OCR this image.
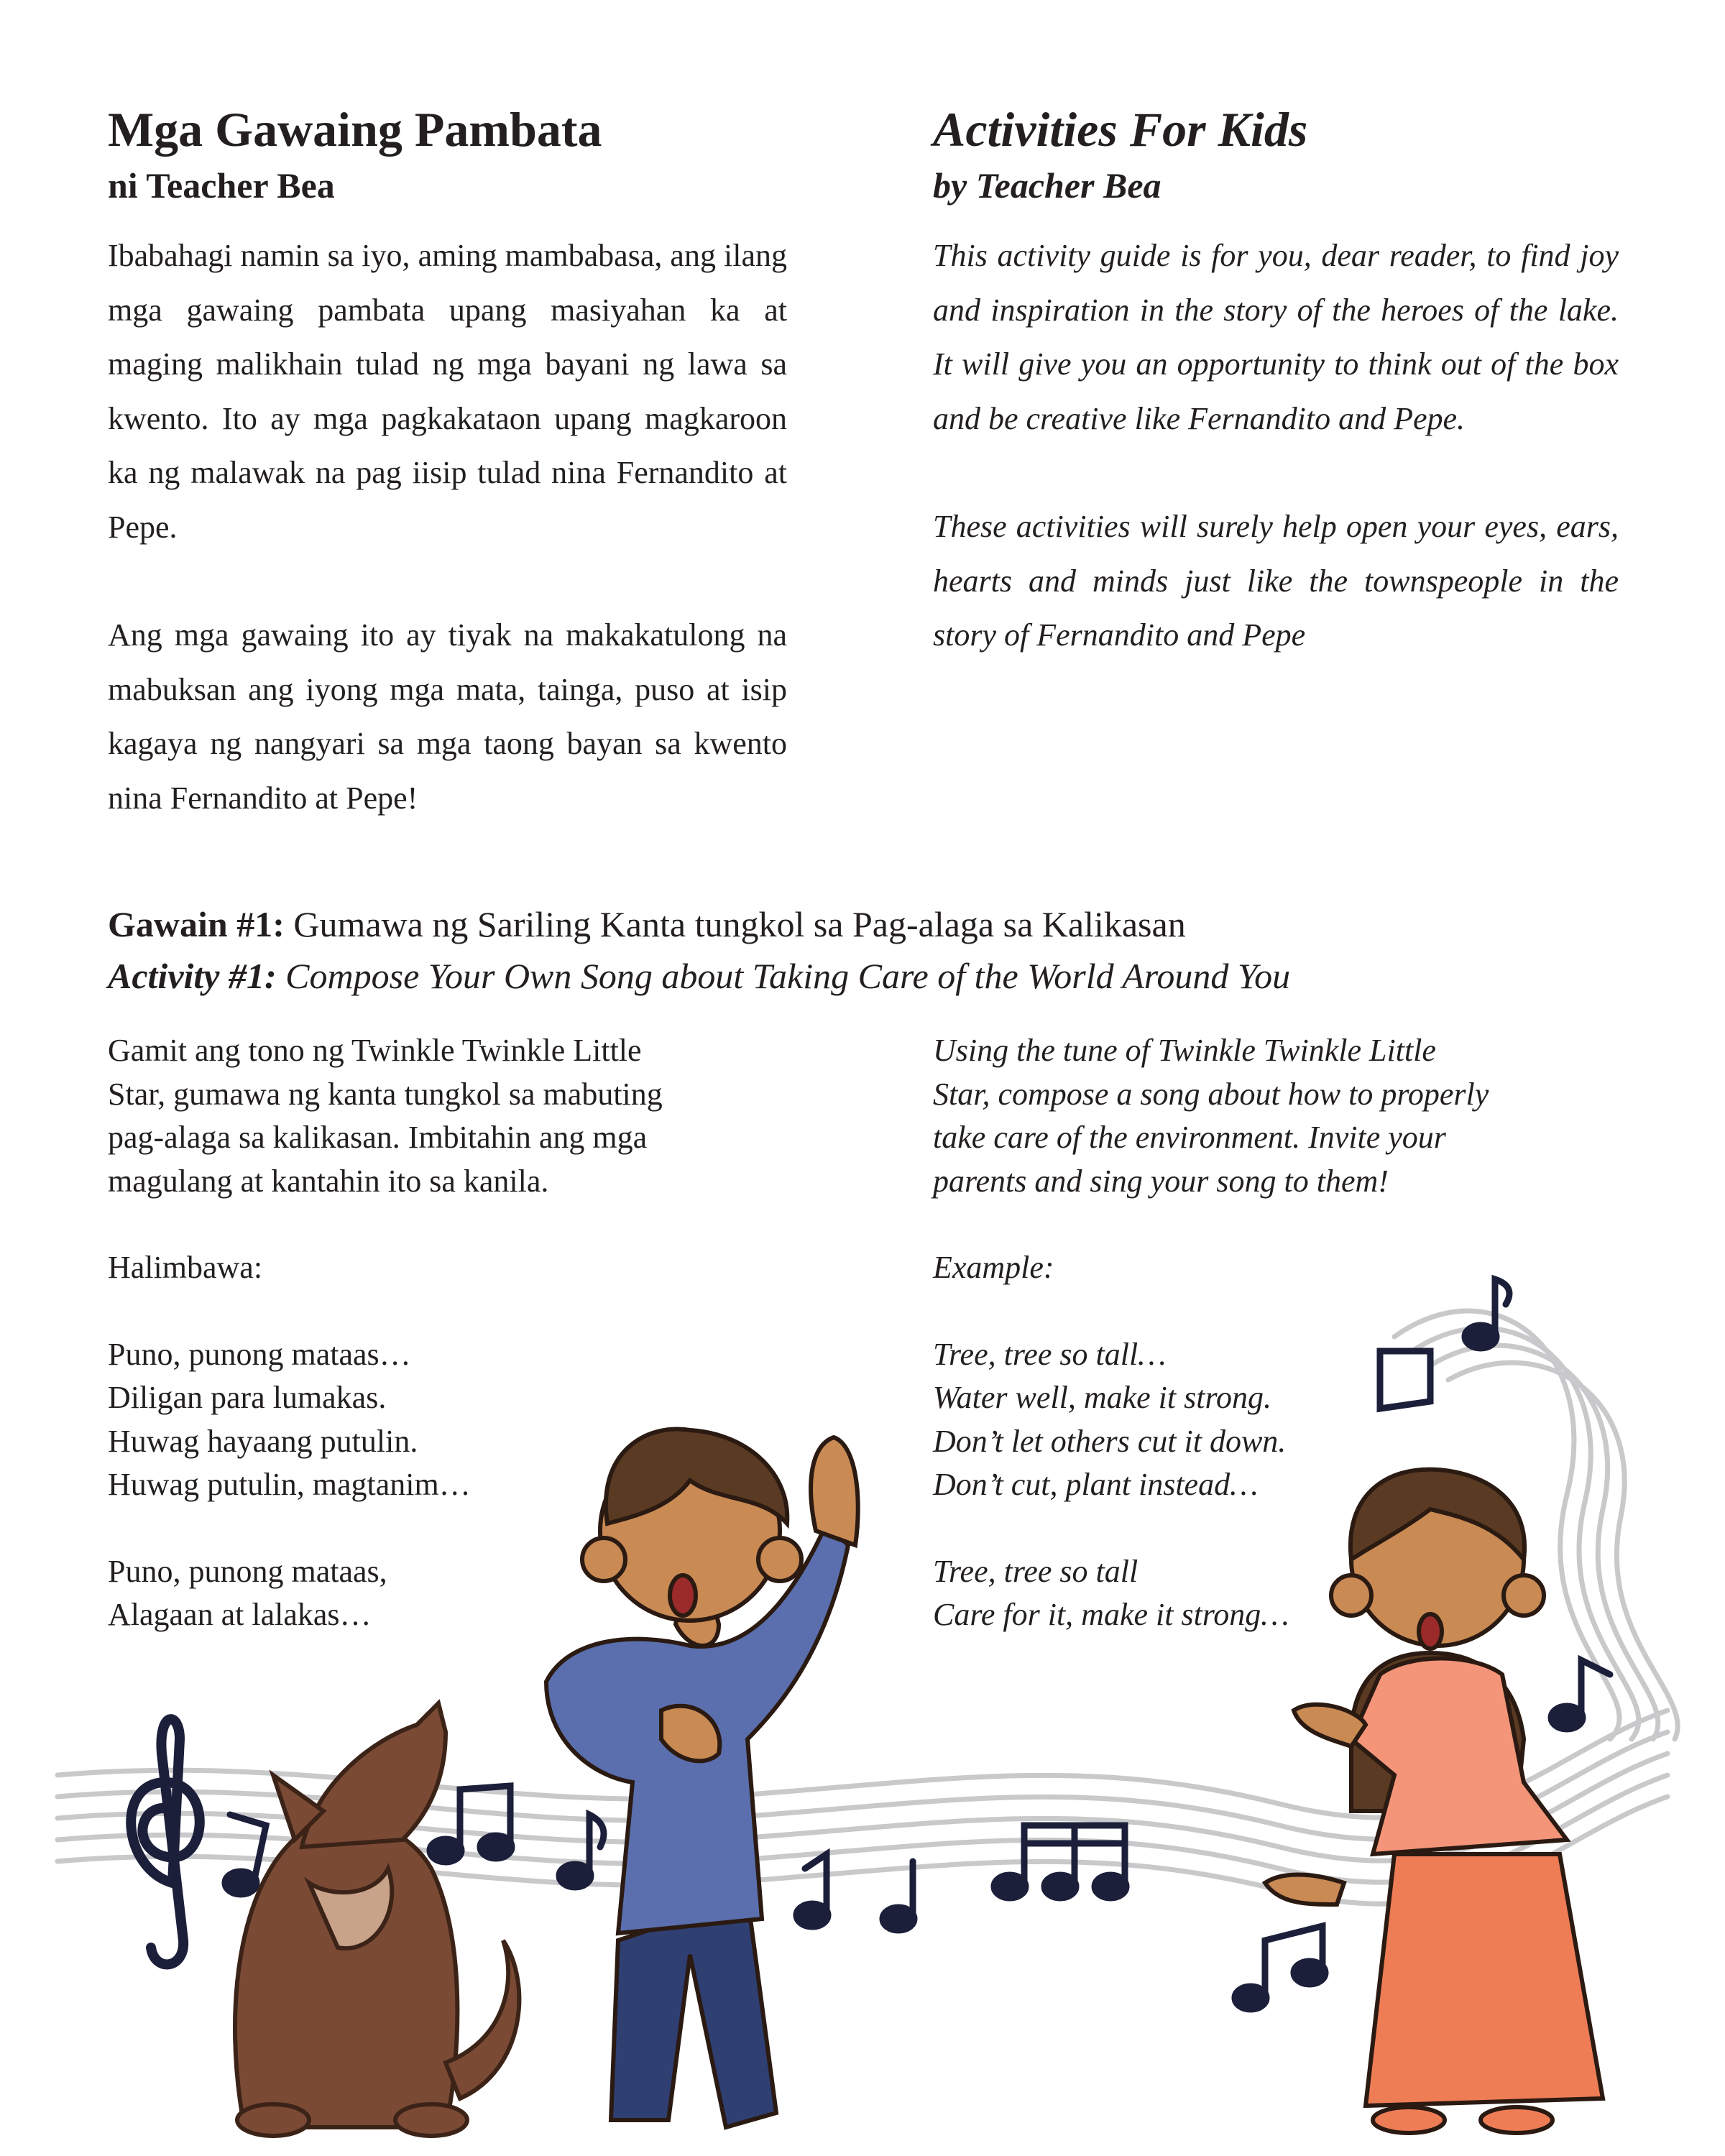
Mga Gawaing Pambata
ni Teacher Bea

Ibabahagi namin sa iyo, aming mambabasa, ang ilang mga gawaing pambata upang masiyahan ka at maging malikhain tulad ng mga bayani ng lawa sa kwento. Ito ay mga pagkakataon upang magkaroon ka ng malawak na pag iisip tulad nina Fernandito at Pepe.

Ang mga gawaing ito ay tiyak na makakatulong na mabuksan ang iyong mga mata, tainga, puso at isip kagaya ng nangyari sa mga taong bayan sa kwento nina Fernandito at Pepe!

Activities For Kids
by Teacher Bea

This activity guide is for you, dear reader, to find joy and inspiration in the story of the heroes of the lake. It will give you an opportunity to think out of the box and be creative like Fernandito and Pepe.

These activities will surely help open your eyes, ears, hearts and minds just like the townspeople in the story of Fernandito and Pepe

Gawain #1: Gumawa ng Sariling Kanta tungkol sa Pag-alaga sa Kalikasan
Activity #1: Compose Your Own Song about Taking Care of the World Around You
Gamit ang tono ng Twinkle Twinkle Little
Star, gumawa ng kanta tungkol sa mabuting
pag-alaga sa kalikasan. Imbitahin ang mga
magulang at kantahin ito sa kanila.
Halimbawa:
Puno, punong mataas…
Diligan para lumakas.
Huwag hayaang putulin.
Huwag putulin, magtanim…
Puno, punong mataas,
Alagaan at lalakas…
Using the tune of Twinkle Twinkle Little
Star, compose a song about how to properly
take care of the environment. Invite your
parents and sing your song to them!
Example:
Tree, tree so tall…
Water well, make it strong.
Don’t let others cut it down.
Don’t cut, plant instead…
Tree, tree so tall
Care for it, make it strong…
